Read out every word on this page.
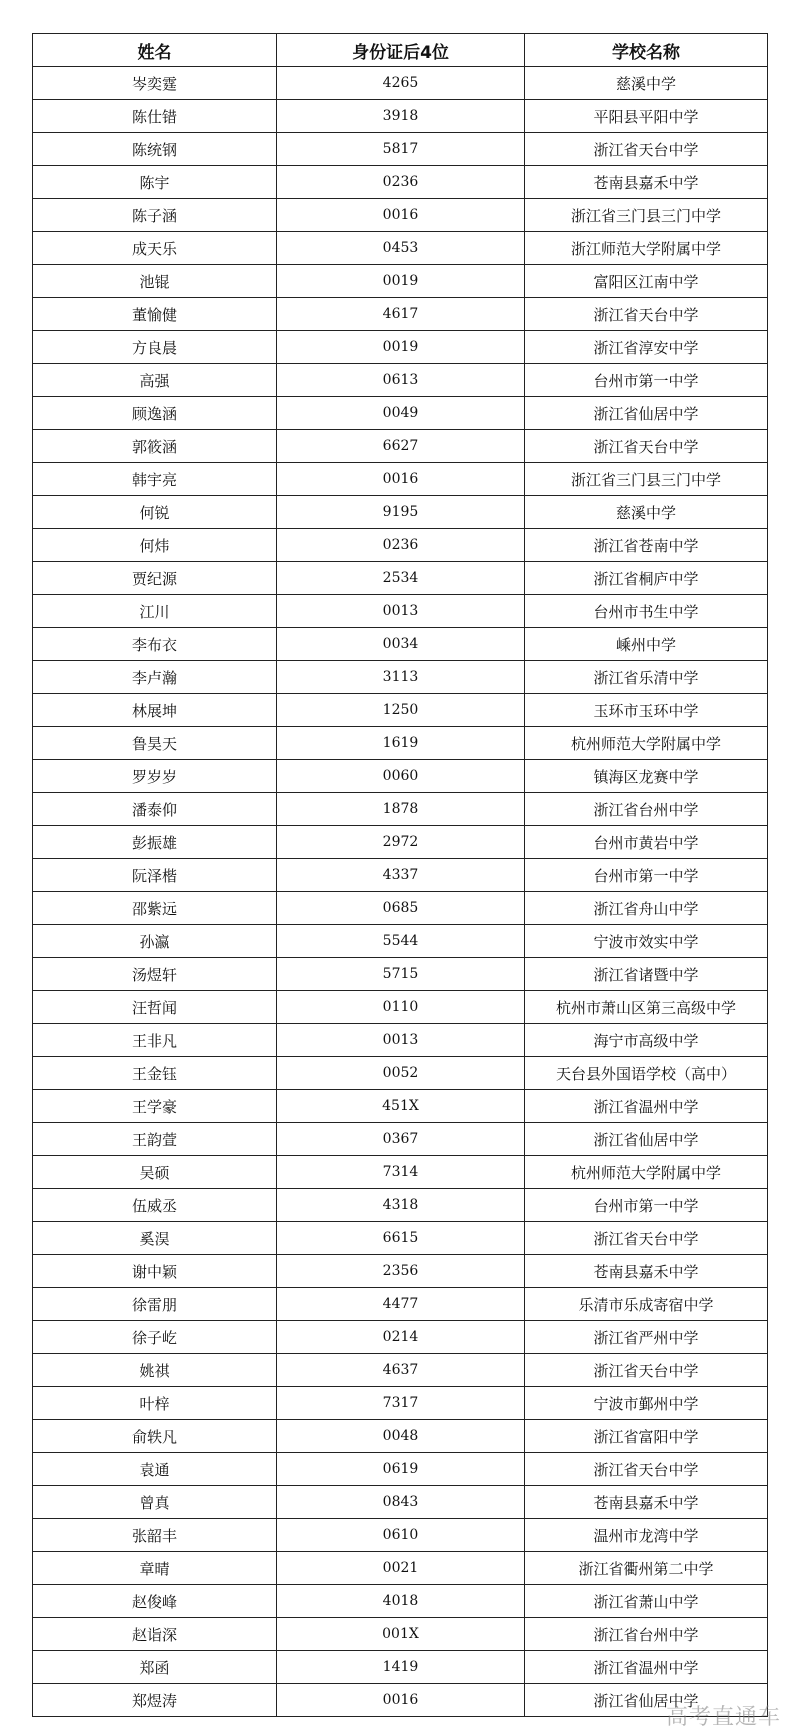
姓名	身份证后4位	学校名称
岑奕霆	4265	慈溪中学
陈仕错	3918	平阳县平阳中学
陈统钢	5817	浙江省天台中学
陈宇	0236	苍南县嘉禾中学
陈子涵	0016	浙江省三门县三门中学
成天乐	0453	浙江师范大学附属中学
池锟	0019	富阳区江南中学
董愉健	4617	浙江省天台中学
方良晨	0019	浙江省淳安中学
高强	0613	台州市第一中学
顾逸涵	0049	浙江省仙居中学
郭筱涵	6627	浙江省天台中学
韩宇亮	0016	浙江省三门县三门中学
何锐	9195	慈溪中学
何炜	0236	浙江省苍南中学
贾纪源	2534	浙江省桐庐中学
江川	0013	台州市书生中学
李布衣	0034	嵊州中学
李卢瀚	3113	浙江省乐清中学
林展坤	1250	玉环市玉环中学
鲁昊天	1619	杭州师范大学附属中学
罗岁岁	0060	镇海区龙赛中学
潘泰仰	1878	浙江省台州中学
彭振雄	2972	台州市黄岩中学
阮泽楷	4337	台州市第一中学
邵紫远	0685	浙江省舟山中学
孙瀛	5544	宁波市效实中学
汤煜轩	5715	浙江省诸暨中学
汪哲闻	0110	杭州市萧山区第三高级中学
王非凡	0013	海宁市高级中学
王金钰	0052	天台县外国语学校（高中）
王学豪	451X	浙江省温州中学
王韵萱	0367	浙江省仙居中学
吴硕	7314	杭州师范大学附属中学
伍威丞	4318	台州市第一中学
奚淏	6615	浙江省天台中学
谢中颖	2356	苍南县嘉禾中学
徐雷朋	4477	乐清市乐成寄宿中学
徐子屹	0214	浙江省严州中学
姚祺	4637	浙江省天台中学
叶梓	7317	宁波市鄞州中学
俞轶凡	0048	浙江省富阳中学
袁通	0619	浙江省天台中学
曾真	0843	苍南县嘉禾中学
张韶丰	0610	温州市龙湾中学
章晴	0021	浙江省衢州第二中学
赵俊峰	4018	浙江省萧山中学
赵诣深	001X	浙江省台州中学
郑函	1419	浙江省温州中学
郑煜涛	0016	浙江省仙居中学
高考直通车
